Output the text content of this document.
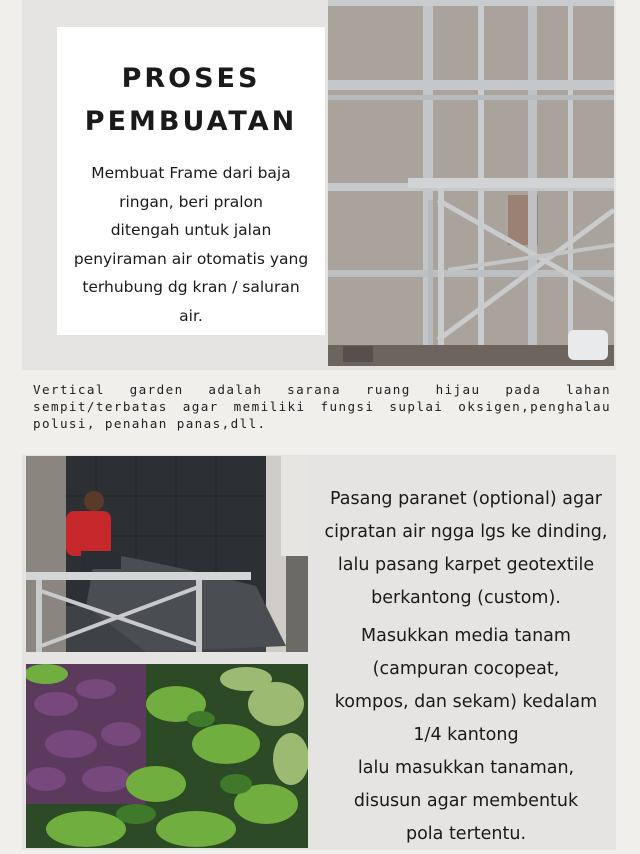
PROSES
PEMBUATAN
Membuat Frame dari baja
ringan, beri pralon
ditengah untuk jalan
penyiraman air otomatis yang
terhubung dg kran / saluran
air.
Vertical garden adalah sarana ruang hijau pada lahan
sempit/terbatas agar memiliki fungsi suplai oksigen,penghalau
polusi, penahan panas,dll.
Pasang paranet (optional) agar
cipratan air ngga lgs ke dinding,
lalu pasang karpet geotextile
berkantong (custom).
Masukkan media tanam
(campuran cocopeat,
kompos, dan sekam) kedalam
1/4 kantong
lalu masukkan tanaman,
disusun agar membentuk
pola tertentu.
